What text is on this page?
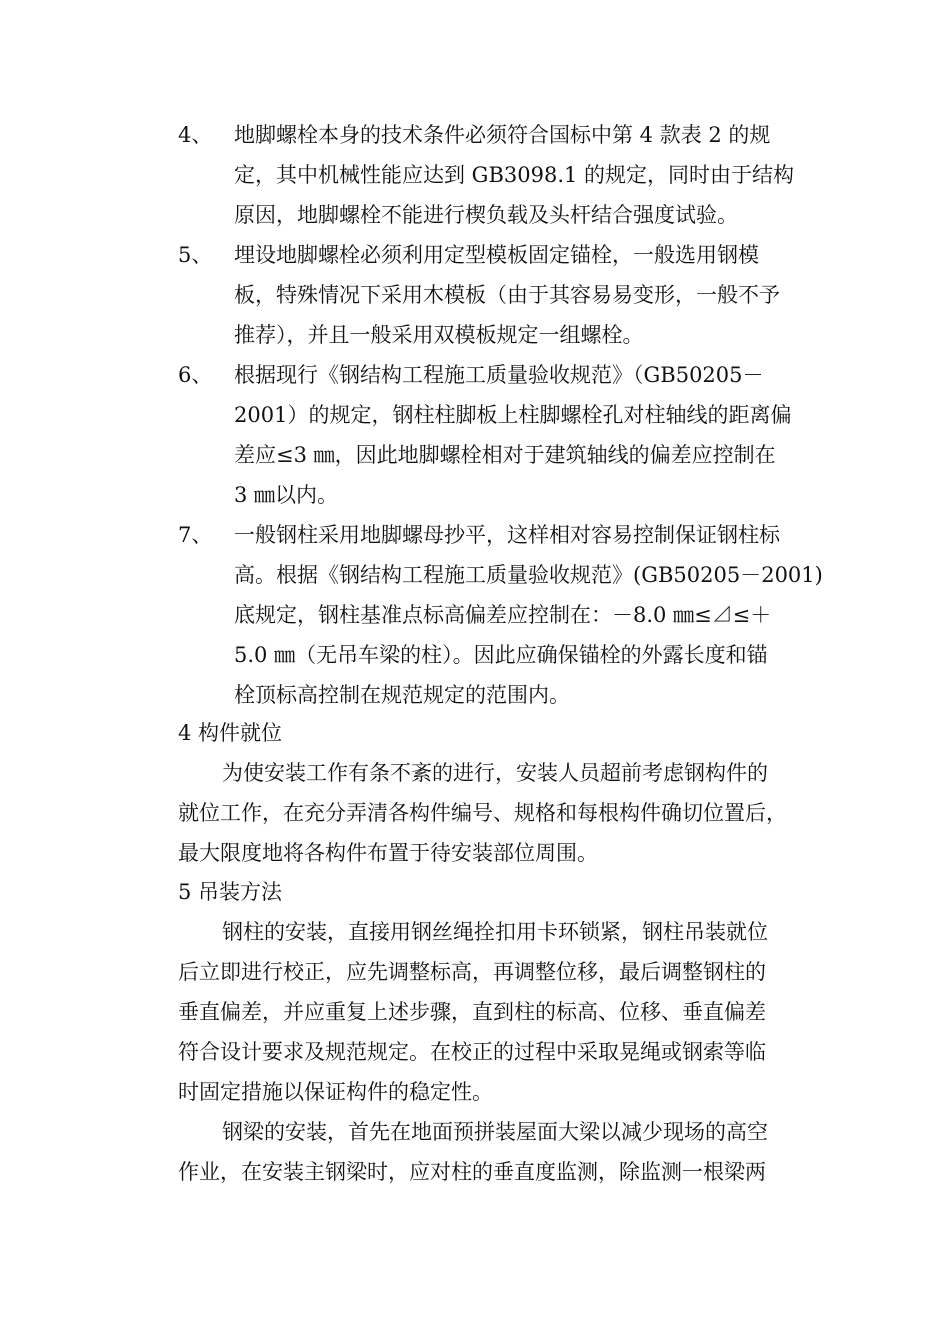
4、 地脚螺栓本身的技术条件必须符合国标中第 4 款表 2 的规
定，其中机械性能应达到 GB3098.1 的规定，同时由于结构
原因，地脚螺栓不能进行楔负载及头杆结合强度试验。
5、 埋设地脚螺栓必须利用定型模板固定锚栓，一般选用钢模
板，特殊情况下采用木模板（由于其容易易变形，一般不予
推荐），并且一般采用双模板规定一组螺栓。
6、 根据现行《钢结构工程施工质量验收规范》（GB50205－
2001）的规定，钢柱柱脚板上柱脚螺栓孔对柱轴线的距离偏
差应≤3 ㎜，因此地脚螺栓相对于建筑轴线的偏差应控制在
3 ㎜以内。
7、 一般钢柱采用地脚螺母抄平，这样相对容易控制保证钢柱标
高。根据《钢结构工程施工质量验收规范》(GB50205－2001)
底规定，钢柱基准点标高偏差应控制在：－8.0 ㎜≤⊿≤＋
5.0 ㎜（无吊车梁的柱）。因此应确保锚栓的外露长度和锚
栓顶标高控制在规范规定的范围内。
4 构件就位
为使安装工作有条不紊的进行，安装人员超前考虑钢构件的
就位工作，在充分弄清各构件编号、规格和每根构件确切位置后，
最大限度地将各构件布置于待安装部位周围。
5 吊装方法
钢柱的安装，直接用钢丝绳拴扣用卡环锁紧，钢柱吊装就位
后立即进行校正，应先调整标高，再调整位移，最后调整钢柱的
垂直偏差，并应重复上述步骤，直到柱的标高、位移、垂直偏差
符合设计要求及规范规定。在校正的过程中采取晃绳或钢索等临
时固定措施以保证构件的稳定性。
钢梁的安装，首先在地面预拼装屋面大梁以减少现场的高空
作业，在安装主钢梁时，应对柱的垂直度监测，除监测一根梁两
